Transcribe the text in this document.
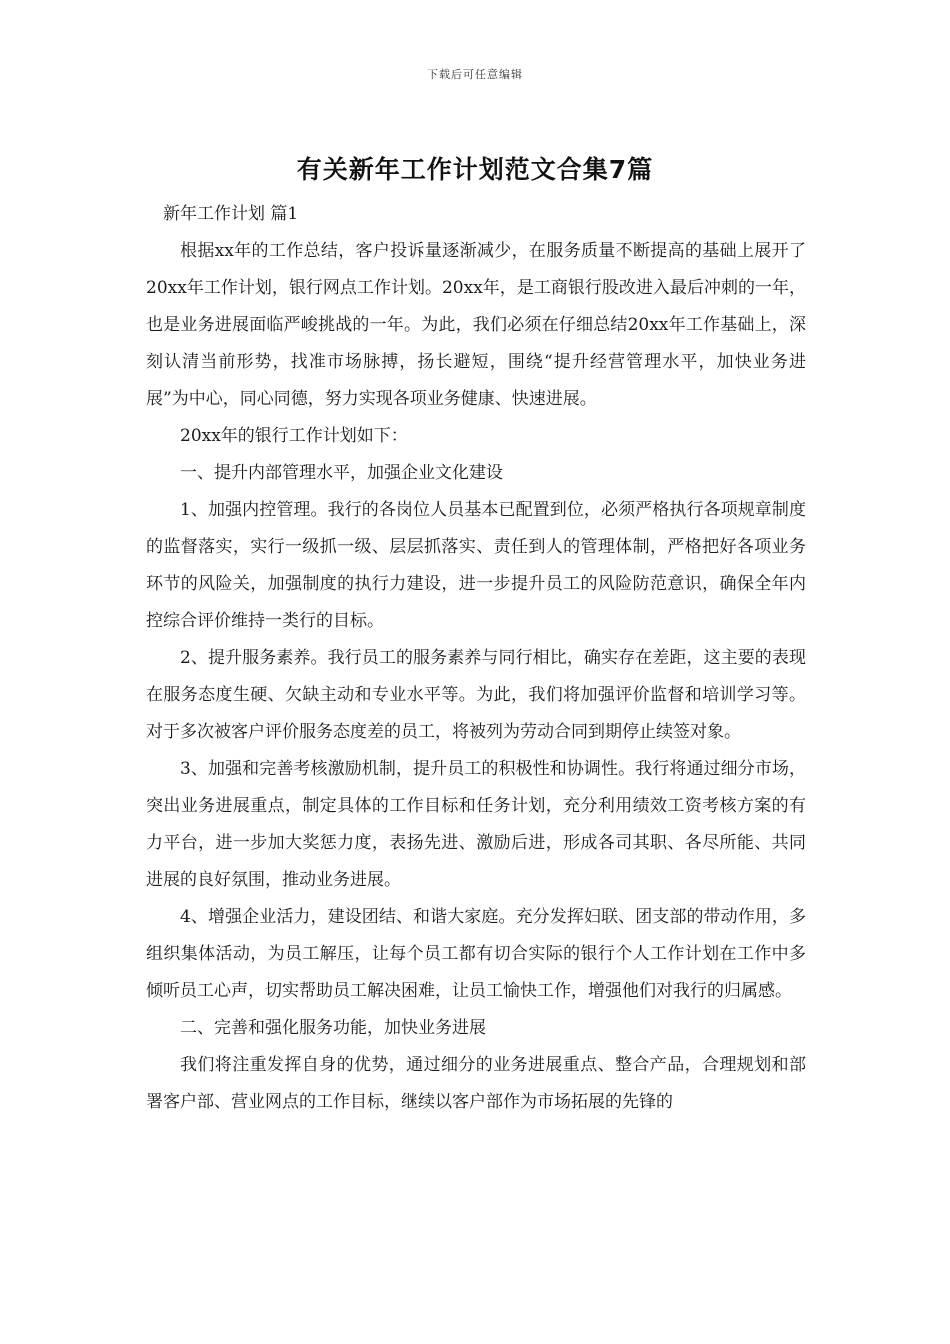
下载后可任意编辑
有关新年工作计划范文合集7篇

新年工作计划 篇1

根据xx年的工作总结，客户投诉量逐渐减少，在服务质量不断提高的基础上展开了20xx年工作计划，银行网点工作计划。20xx年，是工商银行股改进入最后冲刺的一年，也是业务进展面临严峻挑战的一年。为此，我们必须在仔细总结20xx年工作基础上，深刻认清当前形势，找准市场脉搏，扬长避短，围绕“提升经营管理水平，加快业务进展”为中心，同心同德，努力实现各项业务健康、快速进展。

20xx年的银行工作计划如下：

一、提升内部管理水平，加强企业文化建设

1、加强内控管理。我行的各岗位人员基本已配置到位，必须严格执行各项规章制度的监督落实，实行一级抓一级、层层抓落实、责任到人的管理体制，严格把好各项业务环节的风险关，加强制度的执行力建设，进一步提升员工的风险防范意识，确保全年内控综合评价维持一类行的目标。

2、提升服务素养。我行员工的服务素养与同行相比，确实存在差距，这主要的表现在服务态度生硬、欠缺主动和专业水平等。为此，我们将加强评价监督和培训学习等。对于多次被客户评价服务态度差的员工，将被列为劳动合同到期停止续签对象。

3、加强和完善考核激励机制，提升员工的积极性和协调性。我行将通过细分市场，突出业务进展重点，制定具体的工作目标和任务计划，充分利用绩效工资考核方案的有力平台，进一步加大奖惩力度，表扬先进、激励后进，形成各司其职、各尽所能、共同进展的良好氛围，推动业务进展。

4、增强企业活力，建设团结、和谐大家庭。充分发挥妇联、团支部的带动作用，多组织集体活动，为员工解压，让每个员工都有切合实际的银行个人工作计划在工作中多倾听员工心声，切实帮助员工解决困难，让员工愉快工作，增强他们对我行的归属感。

二、完善和强化服务功能，加快业务进展

我们将注重发挥自身的优势，通过细分的业务进展重点、整合产品，合理规划和部署客户部、营业网点的工作目标，继续以客户部作为市场拓展的先锋的
